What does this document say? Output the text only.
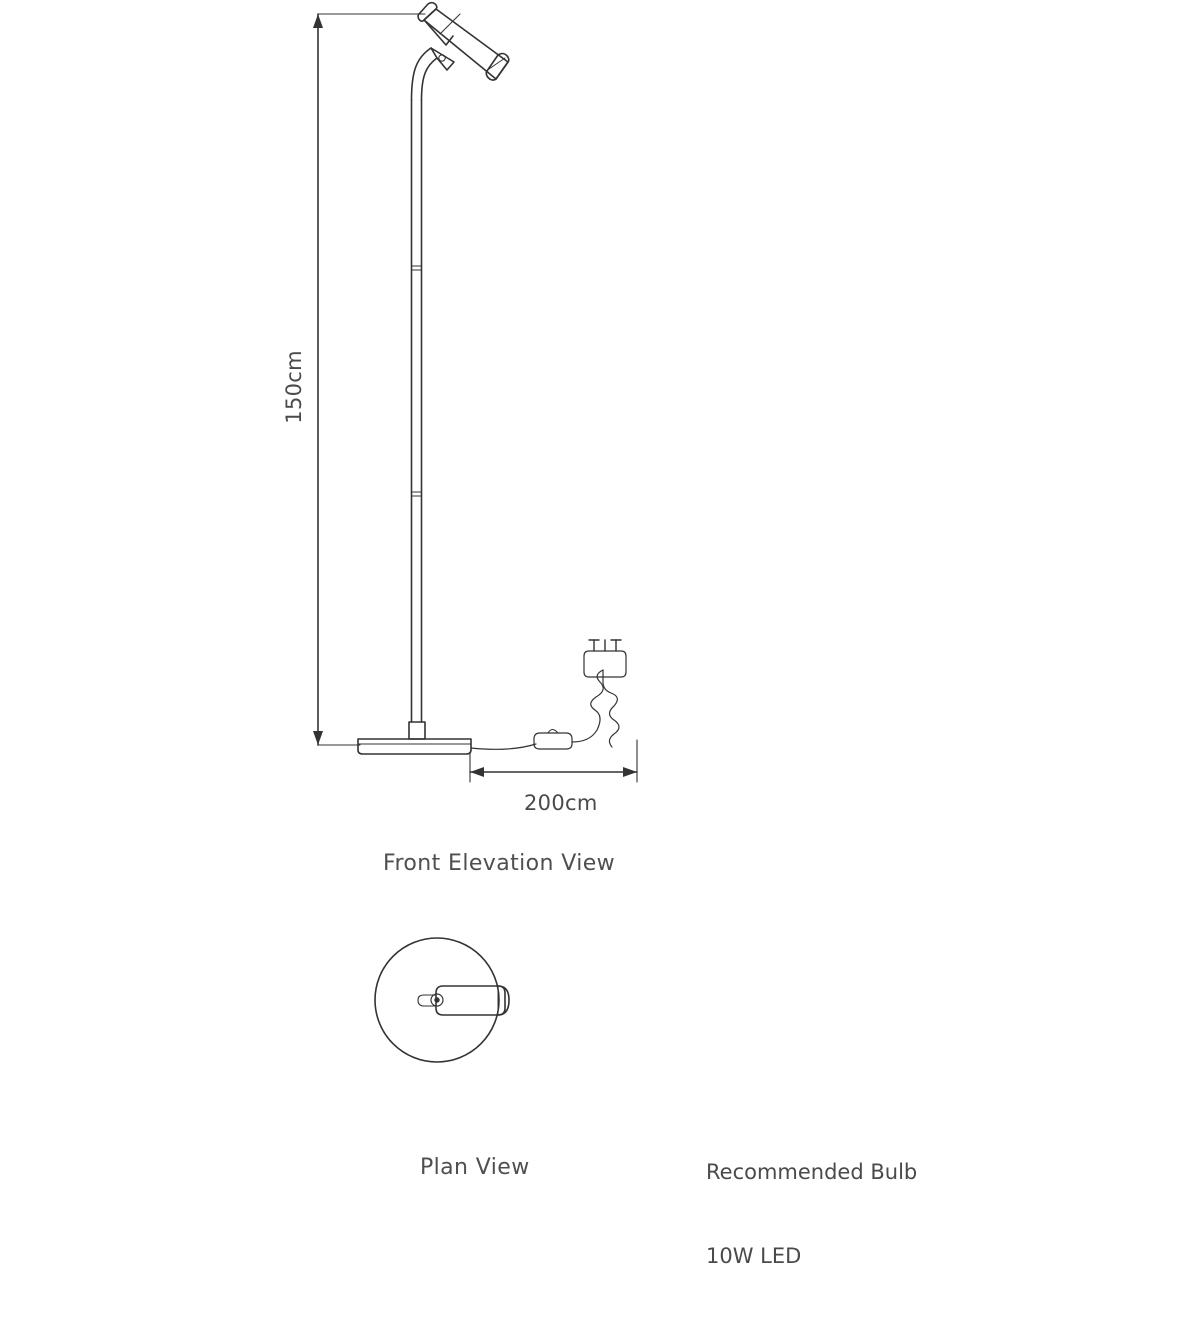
150cm

200cm
Front Elevation View
Plan View

	Recommended Bulb

10W LED
